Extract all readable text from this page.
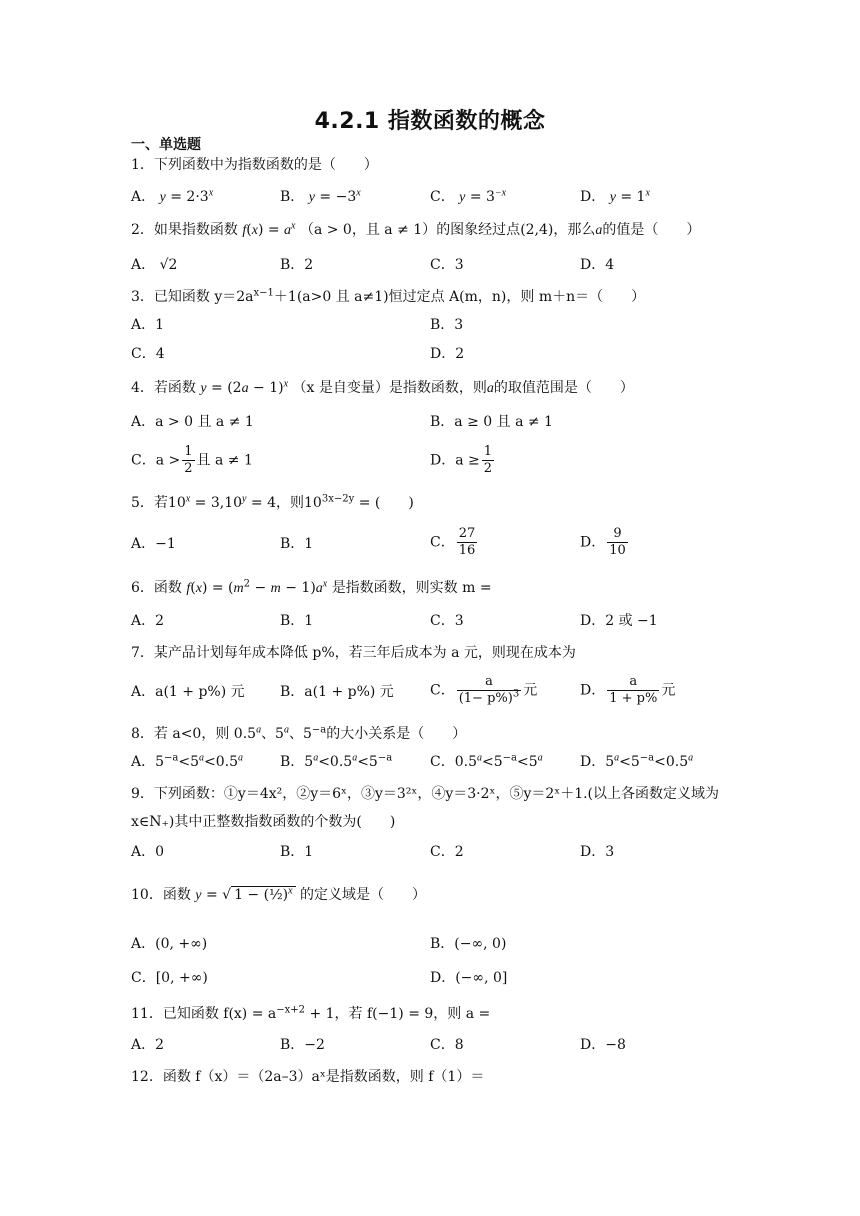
4.2.1 指数函数的概念
一、单选题
1．下列函数中为指数函数的是（　　）
A． $y = 2\cdot 3^x$	B． $y = -3^x$	C． $y = 3^{-x}$	D． $y = 1^x$
2．如果指数函数 $f(x) = a^x$ （a > 0，且 a ≠ 1）的图象经过点(2,4)，那么a的值是（　　）
A． √2	B．2	C．3	D．4
3．已知函数 $y=2a^{x-1}+1(a>0$ 且 a≠1)恒过定点 A(m，n)，则 m＋n＝（　　）
A．1	B．3
C．4	D．2
4．若函数 $y = (2a - 1)^x$ （x 是自变量）是指数函数，则a的取值范围是（　　）
A．a > 0 且 a ≠ 1	B．a ≥ 0 且 a ≠ 1
C．$a > \frac{1}{2}$ 且 a ≠ 1	D．$a \ge \frac{1}{2}$
5．若$10^x = 3,10^y = 4$，则$10^{3x-2y}$ = (　　)
A．−1	B．1	C． $\frac{27}{16}$	D． $\frac{9}{10}$
6．函数 $f(x) = (m^2 - m - 1)a^x$ 是指数函数，则实数 m =
A．2	B．1	C．3	D．2 或 −1
7．某产品计划每年成本降低 p%，若三年后成本为 a 元，则现在成本为
A．a(1 + p%) 元	B．a(1 + p%) 元	C． $\frac{a}{(1- p\%)^3}$ 元	D． $\frac{a}{1 + p\%}$ 元
8．若 a<0，则 0.5$^a$、5$^a$、$5^{-a}$的大小关系是（　　）
A．$5^{-a}<5^a<0.5^a$	B．$5^a<0.5^a<5^{-a}$	C．$0.5^a<5^{-a}<5^a$	D．$5^a<5^{-a}<0.5^a$
9．下列函数：①y＝4x²，②y＝6ˣ，③y＝3²ˣ，④y＝3·2ˣ，⑤y＝2ˣ＋1.(以上各函数定义域为
x∈N₊)其中正整数指数函数的个数为(　　)
A．0	B．1	C．2	D．3
10．函数 y = √ 1 − (½)$^x$ 的定义域是（　　）
A．(0, +∞)	B．(−∞, 0)
C．[0, +∞)	D．(−∞, 0]
11．已知函数 $f(x) = a^{-x+2} + 1$，若 f(−1) = 9，则 a =
A．2	B．−2	C．8	D．−8
12．函数 f（x）＝（2a–3）aˣ是指数函数，则 f（1）＝
